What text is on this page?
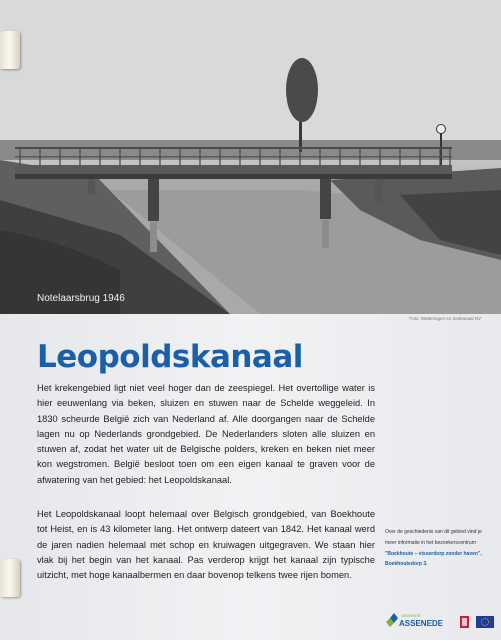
Notelaarsbrug 1946
Foto: Watteringen en Zeekanaal NV
Leopoldskanaal

Het krekengebied ligt niet veel hoger dan de zeespiegel. Het overtollige water is hier eeuwenlang via beken, sluizen en stuwen naar de Schelde weggeleid. In 1830 scheurde België zich van Nederland af. Alle doorgangen naar de Schelde lagen nu op Nederlands grondgebied. De Nederlanders sloten alle sluizen en stuwen af, zodat het water uit de Belgische polders, kreken en beken niet meer kon wegstromen. België besloot toen om een eigen kanaal te graven voor de afwatering van het gebied: het Leopoldskanaal.

Het Leopoldskanaal loopt helemaal over Belgisch grondgebied, van Boekhoute tot Heist, en is 43 kilometer lang. Het ontwerp dateert van 1842. Het kanaal werd de jaren nadien helemaal met schop en kruiwagen uitgegraven. We staan hier vlak bij het begin van het kanaal. Pas verderop krijgt het kanaal zijn typische uitzicht, met hoge kanaalbermen en daar bovenop telkens twee rijen bomen.

Over de geschiedenis van dit gebied vind je
meer informatie in het bezoekerscentrum
"Boekhoute – visserdorp zonder haven",
Boekhoutedorp 3.
GEMEENTE
ASSENEDE
